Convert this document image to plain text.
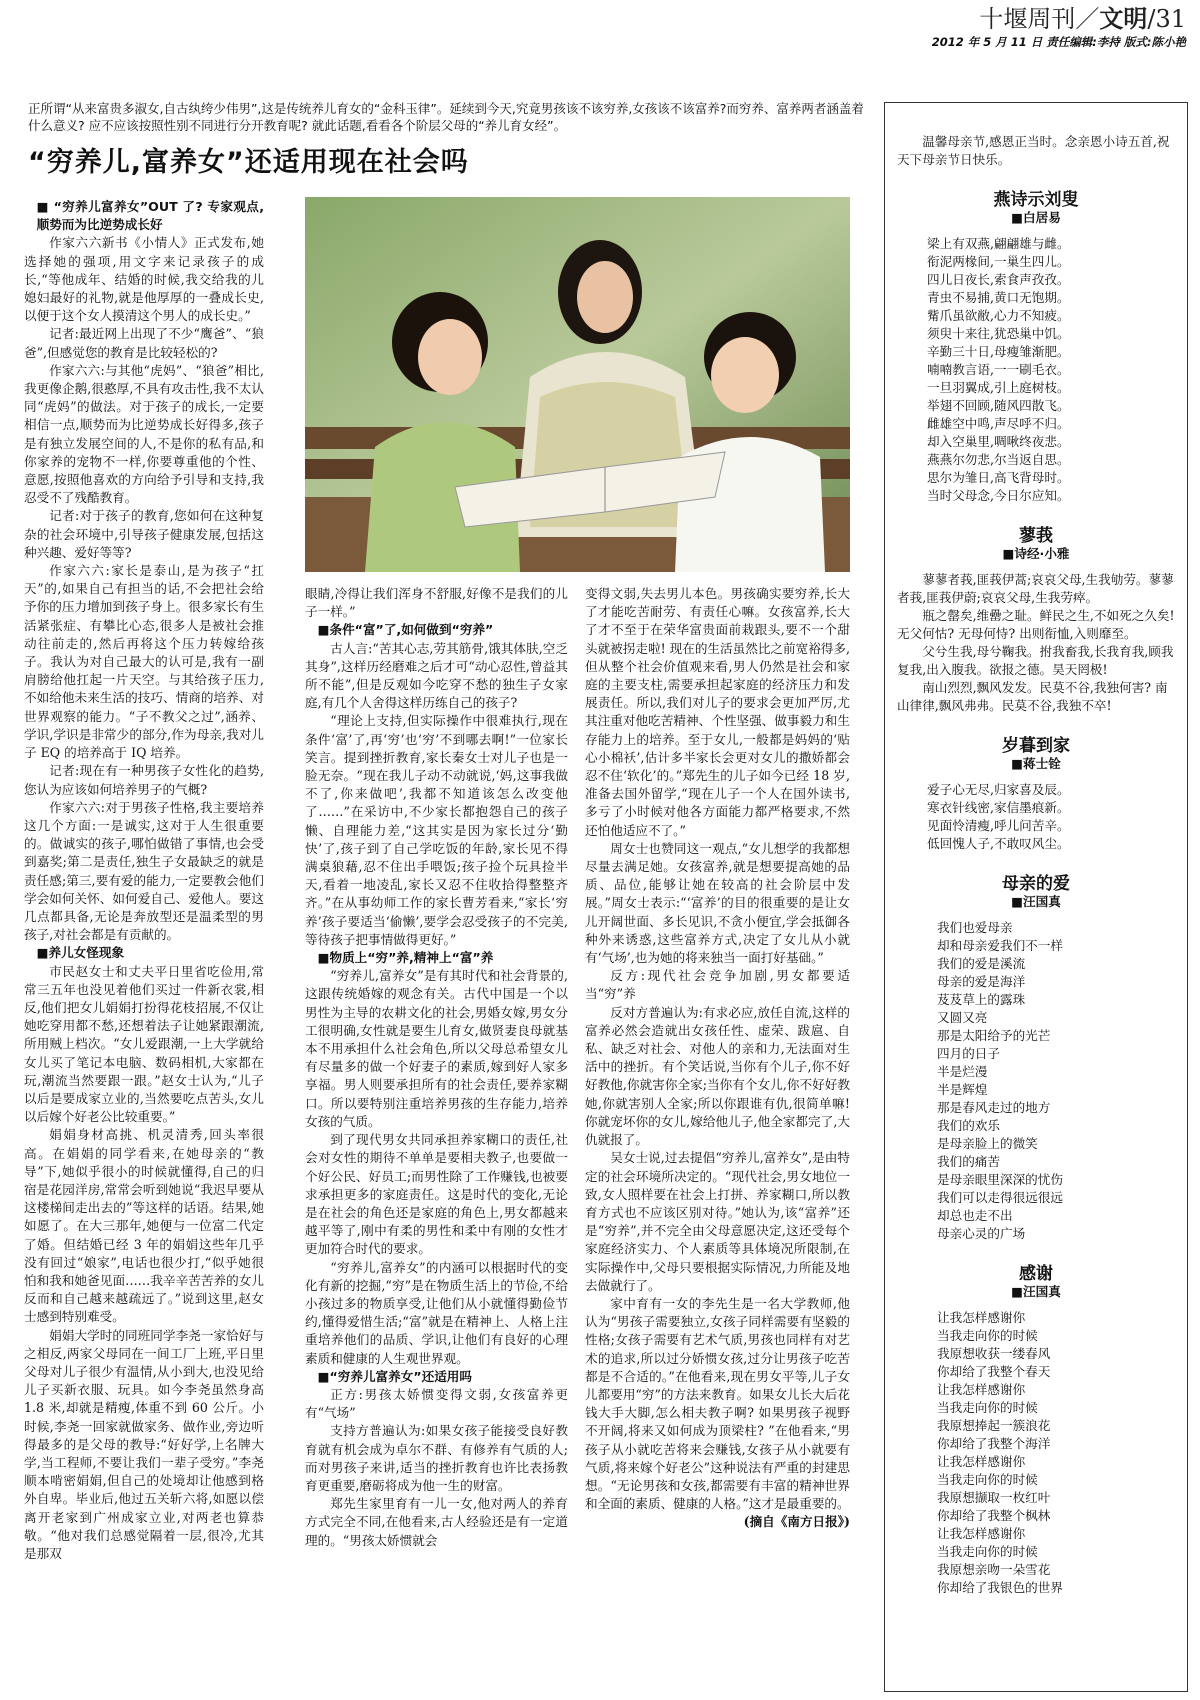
十堰周刊／文明/31
2012 年 5 月 11 日 责任编辑:李持 版式:陈小艳
正所谓“从来富贵多淑女,自古纨绔少伟男”,这是传统养儿育女的“金科玉律”。延续到今天,究竟男孩该不该穷养,女孩该不该富养?而穷养、富养两者涵盖着什么意义? 应不应该按照性别不同进行分开教育呢? 就此话题,看看各个阶层父母的“养儿育女经”。
“穷养儿,富养女”还适用现在社会吗

■ “穷养儿富养女”OUT 了? 专家观点,顺势而为比逆势成长好

作家六六新书《小情人》正式发布,她选择她的强项,用文字来记录孩子的成长,“等他成年、结婚的时候,我交给我的儿媳妇最好的礼物,就是他厚厚的一叠成长史,以便于这个女人摸清这个男人的成长史。”

记者:最近网上出现了不少“鹰爸”、“狼爸”,但感觉您的教育是比较轻松的?

作家六六:与其他“虎妈”、“狼爸”相比,我更像企鹅,很憨厚,不具有攻击性,我不太认同“虎妈”的做法。对于孩子的成长,一定要相信一点,顺势而为比逆势成长好得多,孩子是有独立发展空间的人,不是你的私有品,和你家养的宠物不一样,你要尊重他的个性、意愿,按照他喜欢的方向给予引导和支持,我忍受不了残酷教育。

记者:对于孩子的教育,您如何在这种复杂的社会环境中,引导孩子健康发展,包括这种兴趣、爱好等等?

作家六六:家长是泰山,是为孩子“扛天”的,如果自己有担当的话,不会把社会给予你的压力增加到孩子身上。很多家长有生活紧张症、有攀比心态,很多人是被社会推动往前走的,然后再将这个压力转嫁给孩子。我认为对自己最大的认可是,我有一副肩膀给他扛起一片天空。与其给孩子压力,不如给他未来生活的技巧、情商的培养、对世界观察的能力。“子不教父之过”,涵养、学识,学识是非常少的部分,作为母亲,我对儿子 EQ 的培养高于 IQ 培养。

记者:现在有一种男孩子女性化的趋势,您认为应该如何培养男子的气概?

作家六六:对于男孩子性格,我主要培养这几个方面:一是诚实,这对于人生很重要的。做诚实的孩子,哪怕做错了事情,也会受到嘉奖;第二是责任,独生子女最缺乏的就是责任感;第三,要有爱的能力,一定要教会他们学会如何关怀、如何爱自己、爱他人。要这几点都具备,无论是奔放型还是温柔型的男孩子,对社会都是有贡献的。

■养儿女怪现象

市民赵女士和丈夫平日里省吃俭用,常常三五年也没见着他们买过一件新衣裳,相反,他们把女儿娟娟打扮得花枝招展,不仅让她吃穿用都不愁,还想着法子让她紧跟潮流,所用贼上档次。“女儿爱跟潮,一上大学就给女儿买了笔记本电脑、数码相机,大家都在玩,潮流当然要跟一跟。”赵女士认为,“儿子以后是要成家立业的,当然要吃点苦头,女儿以后嫁个好老公比较重要。”

娟娟身材高挑、机灵清秀,回头率很高。在娟娟的同学看来,在她母亲的“教导”下,她似乎很小的时候就懂得,自己的归宿是花园洋房,常常会听到她说“我迟早要从这楼梯间走出去的”等这样的话语。结果,她如愿了。在大三那年,她便与一位富二代定了婚。但结婚已经 3 年的娟娟这些年几乎没有回过“娘家”,电话也很少打,“似乎她很怕和我和她爸见面……我辛辛苦苦养的女儿反而和自己越来越疏远了。”说到这里,赵女士感到特别难受。

娟娟大学时的同班同学李尧一家恰好与之相反,两家父母同在一间工厂上班,平日里父母对儿子很少有温情,从小到大,也没见给儿子买新衣服、玩具。如今李尧虽然身高 1.8 米,却就是精瘦,体重不到 60 公斤。小时候,李尧一回家就做家务、做作业,旁边听得最多的是父母的教导:“好好学,上名牌大学,当工程师,不要让我们一辈子受穷。”李尧顺本啃密娟娟,但自己的处境却让他感到格外自卑。毕业后,他过五关斩六将,如愿以偿离开老家到广州成家立业,对两老也算恭敬。“他对我们总感觉隔着一层,很冷,尤其是那双

眼睛,冷得让我们浑身不舒服,好像不是我们的儿子一样。”

■条件“富”了,如何做到“穷养”

古人言:“苦其心志,劳其筋骨,饿其体肤,空乏其身”,这样历经磨难之后才可“动心忍性,曾益其所不能”,但是反观如今吃穿不愁的独生子女家庭,有几个人舍得这样历练自己的孩子?

“理论上支持,但实际操作中很难执行,现在条件‘富’了,再‘穷’也‘穷’不到哪去啊!”一位家长笑言。提到挫折教育,家长秦女士对儿子也是一脸无奈。“现在我儿子动不动就说,‘妈,这事我做不了,你来做吧’,我都不知道该怎么改变他了……”在采访中,不少家长都抱怨自己的孩子懒、自理能力差,“这其实是因为家长过分‘勤快’了,孩子到了自己学吃饭的年龄,家长见不得满桌狼藉,忍不住出手喂饭;孩子捡个玩具捡半天,看着一地凌乱,家长又忍不住收拾得整整齐齐。”在从事幼师工作的家长曹芳看来,“家长‘穷养’孩子要适当‘偷懒’,要学会忍受孩子的不完美,等待孩子把事情做得更好。”

■物质上“穷”养,精神上“富”养

“穷养儿,富养女”是有其时代和社会背景的,这跟传统婚嫁的观念有关。古代中国是一个以男性为主导的农耕文化的社会,男婚女嫁,男女分工很明确,女性就是要生儿育女,做贤妻良母就基本不用承担什么社会角色,所以父母总希望女儿有尽量多的做一个好妻子的素质,嫁到好人家多享福。男人则要承担所有的社会责任,要养家糊口。所以要特别注重培养男孩的生存能力,培养女孩的气质。

到了现代男女共同承担养家糊口的责任,社会对女性的期待不单单是要相夫教子,也要做一个好公民、好员工;而男性除了工作赚钱,也被要求承担更多的家庭责任。这是时代的变化,无论是在社会的角色还是家庭的角色上,男女都越来越平等了,刚中有柔的男性和柔中有刚的女性才更加符合时代的要求。

“穷养儿,富养女”的内涵可以根据时代的变化有新的挖掘,“穷”是在物质生活上的节俭,不给小孩过多的物质享受,让他们从小就懂得勤俭节约,懂得爱惜生活;“富”就是在精神上、人格上注重培养他们的品质、学识,让他们有良好的心理素质和健康的人生观世界观。

■“穷养儿富养女”还适用吗

正方:男孩太娇惯变得文弱,女孩富养更有“气场”

支持方普遍认为:如果女孩子能接受良好教育就有机会成为卓尔不群、有修养有气质的人;而对男孩子来讲,适当的挫折教育也许比表扬教育更重要,磨砺将成为他一生的财富。

郑先生家里育有一儿一女,他对两人的养育方式完全不同,在他看来,古人经验还是有一定道理的。“男孩太娇惯就会

变得文弱,失去男儿本色。男孩确实要穷养,长大了才能吃苦耐劳、有责任心嘛。女孩富养,长大了才不至于在荣华富贵面前栽跟头,要不一个甜头就被拐走啦! 现在的生活虽然比之前宽裕得多,但从整个社会价值观来看,男人仍然是社会和家庭的主要支柱,需要承担起家庭的经济压力和发展责任。所以,我们对儿子的要求会更加严厉,尤其注重对他吃苦精神、个性坚强、做事毅力和生存能力上的培养。至于女儿,一般都是妈妈的‘贴心小棉袄’,估计多半家长会更对女儿的撒娇都会忍不住‘软化’的。”郑先生的儿子如今已经 18 岁,准备去国外留学,“现在儿子一个人在国外读书,多亏了小时候对他各方面能力都严格要求,不然还怕他适应不了。”

周女士也赞同这一观点,“女儿想学的我都想尽量去满足她。女孩富养,就是想要提高她的品质、品位,能够让她在较高的社会阶层中发展。”周女士表示:“‘富养’的目的很重要的是让女儿开阔世面、多长见识,不贪小便宜,学会抵御各种外来诱惑,这些富养方式,决定了女儿从小就有‘气场’,也为她的将来独当一面打好基础。”

反方:现代社会竞争加剧,男女都要适当“穷”养

反对方普遍认为:有求必应,放任自流,这样的富养必然会造就出女孩任性、虚荣、跋扈、自私、缺乏对社会、对他人的亲和力,无法面对生活中的挫折。有个笑话说,当你有个儿子,你不好好教他,你就害你全家;当你有个女儿,你不好好教她,你就害别人全家;所以你跟谁有仇,很简单嘛! 你就宠坏你的女儿,嫁给他儿子,他全家都完了,大仇就报了。

吴女士说,过去提倡“穷养儿,富养女”,是由特定的社会环境所决定的。“现代社会,男女地位一致,女人照样要在社会上打拼、养家糊口,所以教育方式也不应该区别对待。”她认为,该“富养”还是“穷养”,并不完全由父母意愿决定,这还受每个家庭经济实力、个人素质等具体境况所限制,在实际操作中,父母只要根据实际情况,力所能及地去做就行了。

家中育有一女的李先生是一名大学教师,他认为“男孩子需要独立,女孩子同样需要有坚毅的性格;女孩子需要有艺术气质,男孩也同样有对艺术的追求,所以过分娇惯女孩,过分让男孩子吃苦都是不合适的。”在他看来,现在男女平等,儿子女儿都要用“穷”的方法来教育。如果女儿长大后花钱大手大脚,怎么相夫教子啊? 如果男孩子视野不开阔,将来又如何成为顶梁柱? ”在他看来,“男孩子从小就吃苦将来会赚钱,女孩子从小就要有气质,将来嫁个好老公”这种说法有严重的封建思想。“无论男孩和女孩,都需要有丰富的精神世界和全面的素质、健康的人格。”这才是最重要的。

(摘自《南方日报》)

温馨母亲节,感恩正当时。念亲恩小诗五首,祝天下母亲节日快乐。
燕诗示刘叟
■白居易
梁上有双燕,翩翩雄与雌。
衔泥两椽间,一巢生四儿。
四儿日夜长,索食声孜孜。
青虫不易捕,黄口无饱期。
觜爪虽欲敝,心力不知疲。
须臾十来往,犹恐巢中饥。
辛勤三十日,母瘦雏渐肥。
喃喃教言语,一一刷毛衣。
一旦羽翼成,引上庭树枝。
举翅不回顾,随风四散飞。
雌雄空中鸣,声尽呼不归。
却入空巢里,啁啾终夜悲。
燕燕尔勿悲,尔当返自思。
思尔为雏日,高飞背母时。
当时父母念,今日尔应知。
蓼莪
■诗经·小雅
蓼蓼者莪,匪莪伊蒿;哀哀父母,生我劬劳。蓼蓼者莪,匪莪伊蔚;哀哀父母,生我劳瘁。
瓶之罄矣,维罍之耻。鲜民之生,不如死之久矣! 无父何怙? 无母何恃? 出则衔恤,入则靡至。
父兮生我,母兮鞠我。拊我畜我,长我育我,顾我复我,出入腹我。欲报之德。昊天罔极!
南山烈烈,飘风发发。民莫不谷,我独何害? 南山律律,飘风弗弗。民莫不谷,我独不卒!
岁暮到家
■蒋士铨
爱子心无尽,归家喜及辰。
寒衣针线密,家信墨痕新。
见面怜清瘦,呼儿问苦辛。
低回愧人子,不敢叹风尘。
母亲的爱
■汪国真
我们也爱母亲
却和母亲爱我们不一样
我们的爱是溪流
母亲的爱是海洋
芨芨草上的露珠
又圆又亮
那是太阳给予的光芒
四月的日子
半是烂漫
半是辉煌
那是春风走过的地方
我们的欢乐
是母亲脸上的微笑
我们的痛苦
是母亲眼里深深的忧伤
我们可以走得很远很远
却总也走不出
母亲心灵的广场
感谢
■汪国真
让我怎样感谢你
当我走向你的时候
我原想收获一缕春风
你却给了我整个春天
让我怎样感谢你
当我走向你的时候
我原想捧起一簇浪花
你却给了我整个海洋
让我怎样感谢你
当我走向你的时候
我原想撷取一枚红叶
你却给了我整个枫林
让我怎样感谢你
当我走向你的时候
我原想亲吻一朵雪花
你却给了我银色的世界
